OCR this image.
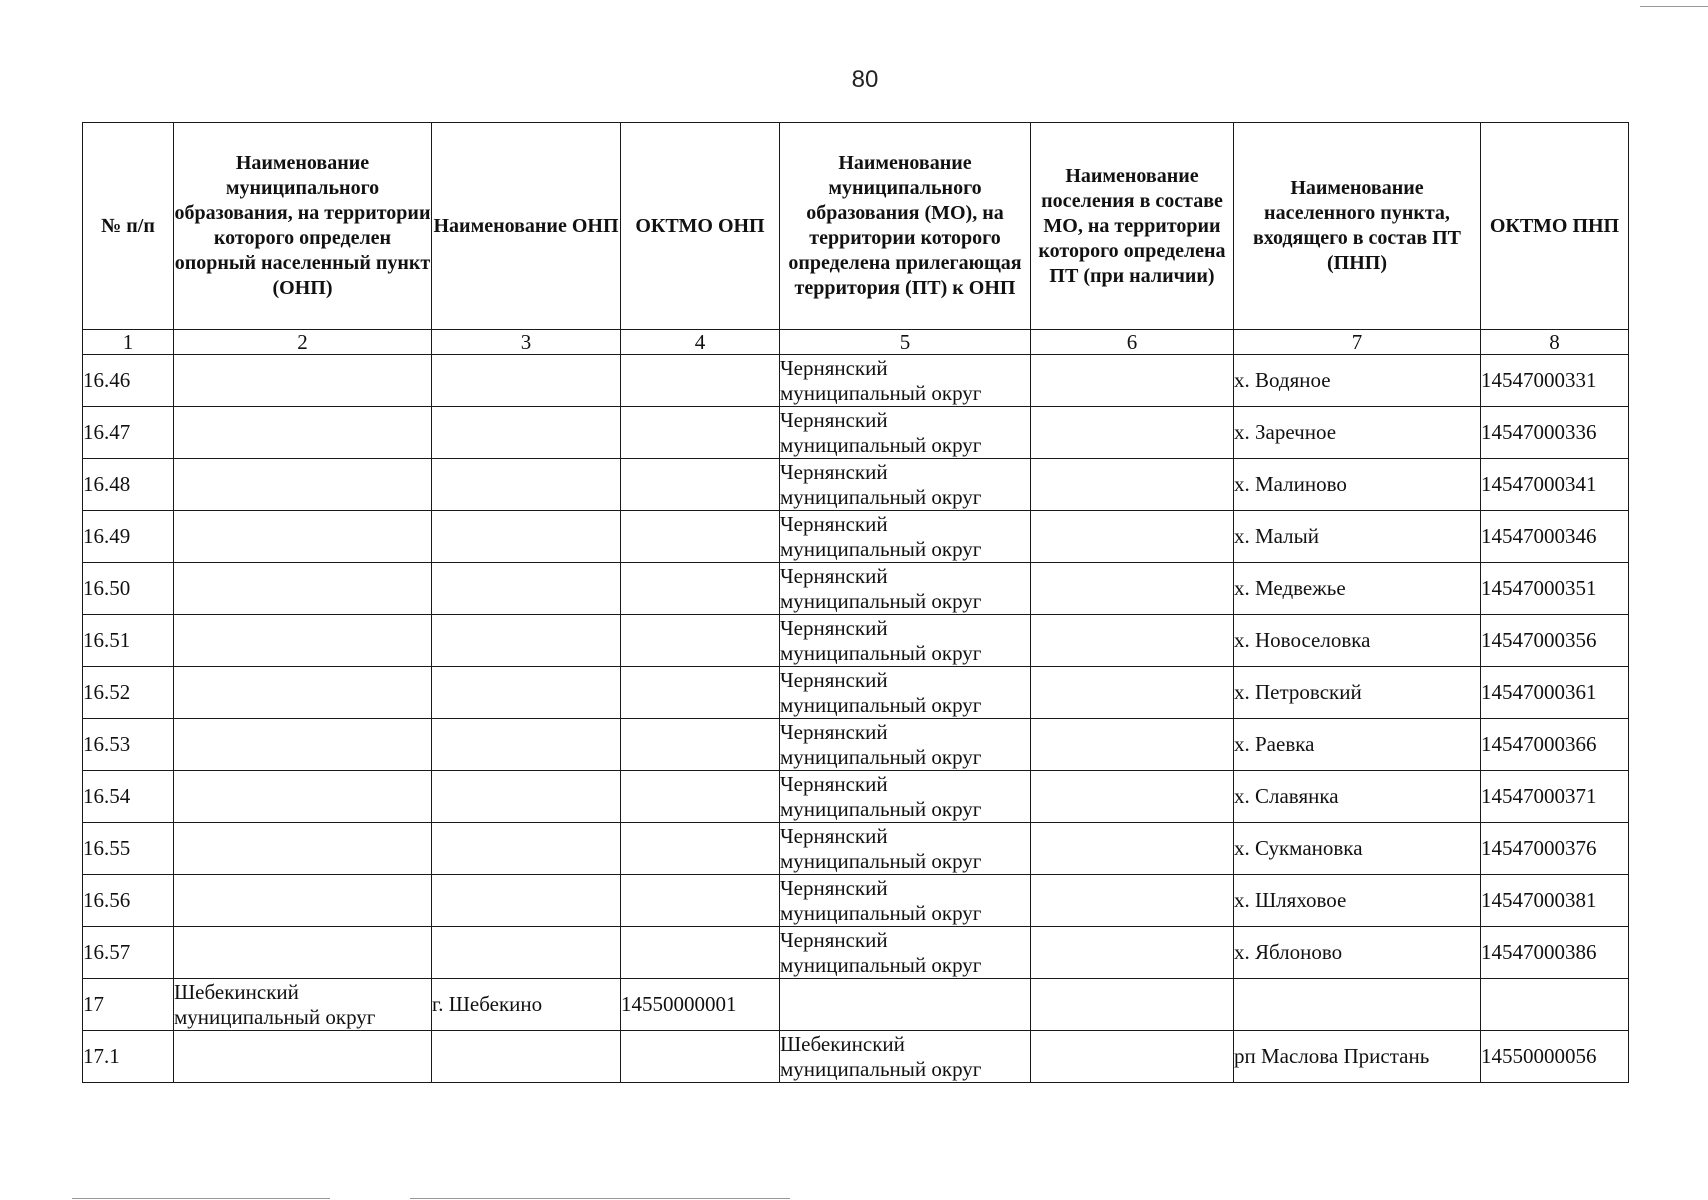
80
№ п/п	Наименование муниципального образования, на территории которого определен опорный населенный пункт (ОНП)	Наименование ОНП	ОКТМО ОНП	Наименование муниципального образования (МО), на территории которого определена прилегающая территория (ПТ) к ОНП	Наименование поселения в составе МО, на территории которого определена ПТ (при наличии)	Наименование населенного пункта, входящего в состав ПТ (ПНП)	ОКТМО ПНП
1	2	3	4	5	6	7	8
16.46				Чернянский муниципальный округ		х. Водяное	14547000331
16.47				Чернянский муниципальный округ		х. Заречное	14547000336
16.48				Чернянский муниципальный округ		х. Малиново	14547000341
16.49				Чернянский муниципальный округ		х. Малый	14547000346
16.50				Чернянский муниципальный округ		х. Медвежье	14547000351
16.51				Чернянский муниципальный округ		х. Новоселовка	14547000356
16.52				Чернянский муниципальный округ		х. Петровский	14547000361
16.53				Чернянский муниципальный округ		х. Раевка	14547000366
16.54				Чернянский муниципальный округ		х. Славянка	14547000371
16.55				Чернянский муниципальный округ		х. Сукмановка	14547000376
16.56				Чернянский муниципальный округ		х. Шляховое	14547000381
16.57				Чернянский муниципальный округ		х. Яблоново	14547000386
17	Шебекинский муниципальный округ	г. Шебекино	14550000001				
17.1				Шебекинский муниципальный округ		рп Маслова Пристань	14550000056
